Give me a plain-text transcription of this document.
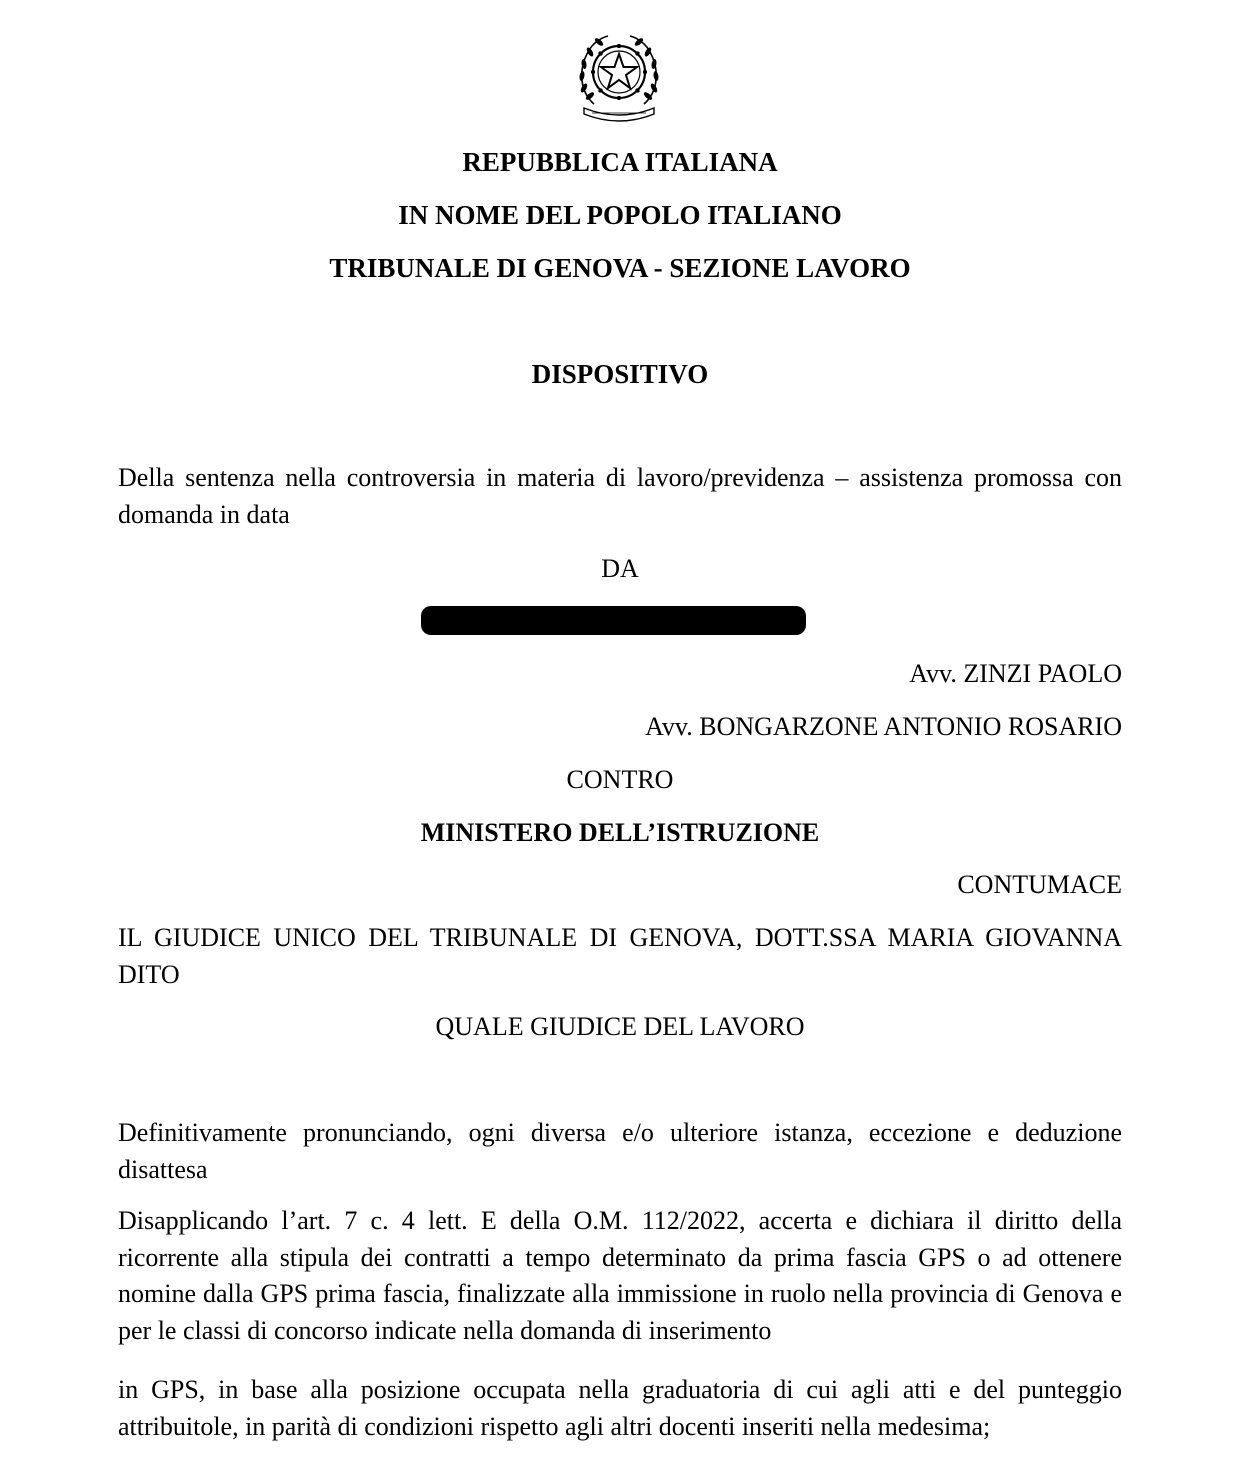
REPUBBLICA ITALIANA
IN NOME DEL POPOLO ITALIANO
TRIBUNALE DI GENOVA - SEZIONE LAVORO
DISPOSITIVO

Della sentenza nella controversia in materia di lavoro/previdenza – assistenza promossa con domanda in data

DA
Avv. ZINZI PAOLO
Avv. BONGARZONE ANTONIO ROSARIO
CONTRO
MINISTERO DELL’ISTRUZIONE
CONTUMACE

IL GIUDICE UNICO DEL TRIBUNALE DI GENOVA, DOTT.SSA MARIA GIOVANNA DITO

QUALE GIUDICE DEL LAVORO

Definitivamente pronunciando, ogni diversa e/o ulteriore istanza, eccezione e deduzione disattesa

Disapplicando l’art. 7 c. 4 lett. E della O.M. 112/2022, accerta e dichiara il diritto della ricorrente alla stipula dei contratti a tempo determinato da prima fascia GPS o ad ottenere nomine dalla GPS prima fascia, finalizzate alla immissione in ruolo nella provincia di Genova e per le classi di concorso indicate nella domanda di inserimento

in GPS, in base alla posizione occupata nella graduatoria di cui agli atti e del punteggio attribuitole, in parità di condizioni rispetto agli altri docenti inseriti nella medesima;
